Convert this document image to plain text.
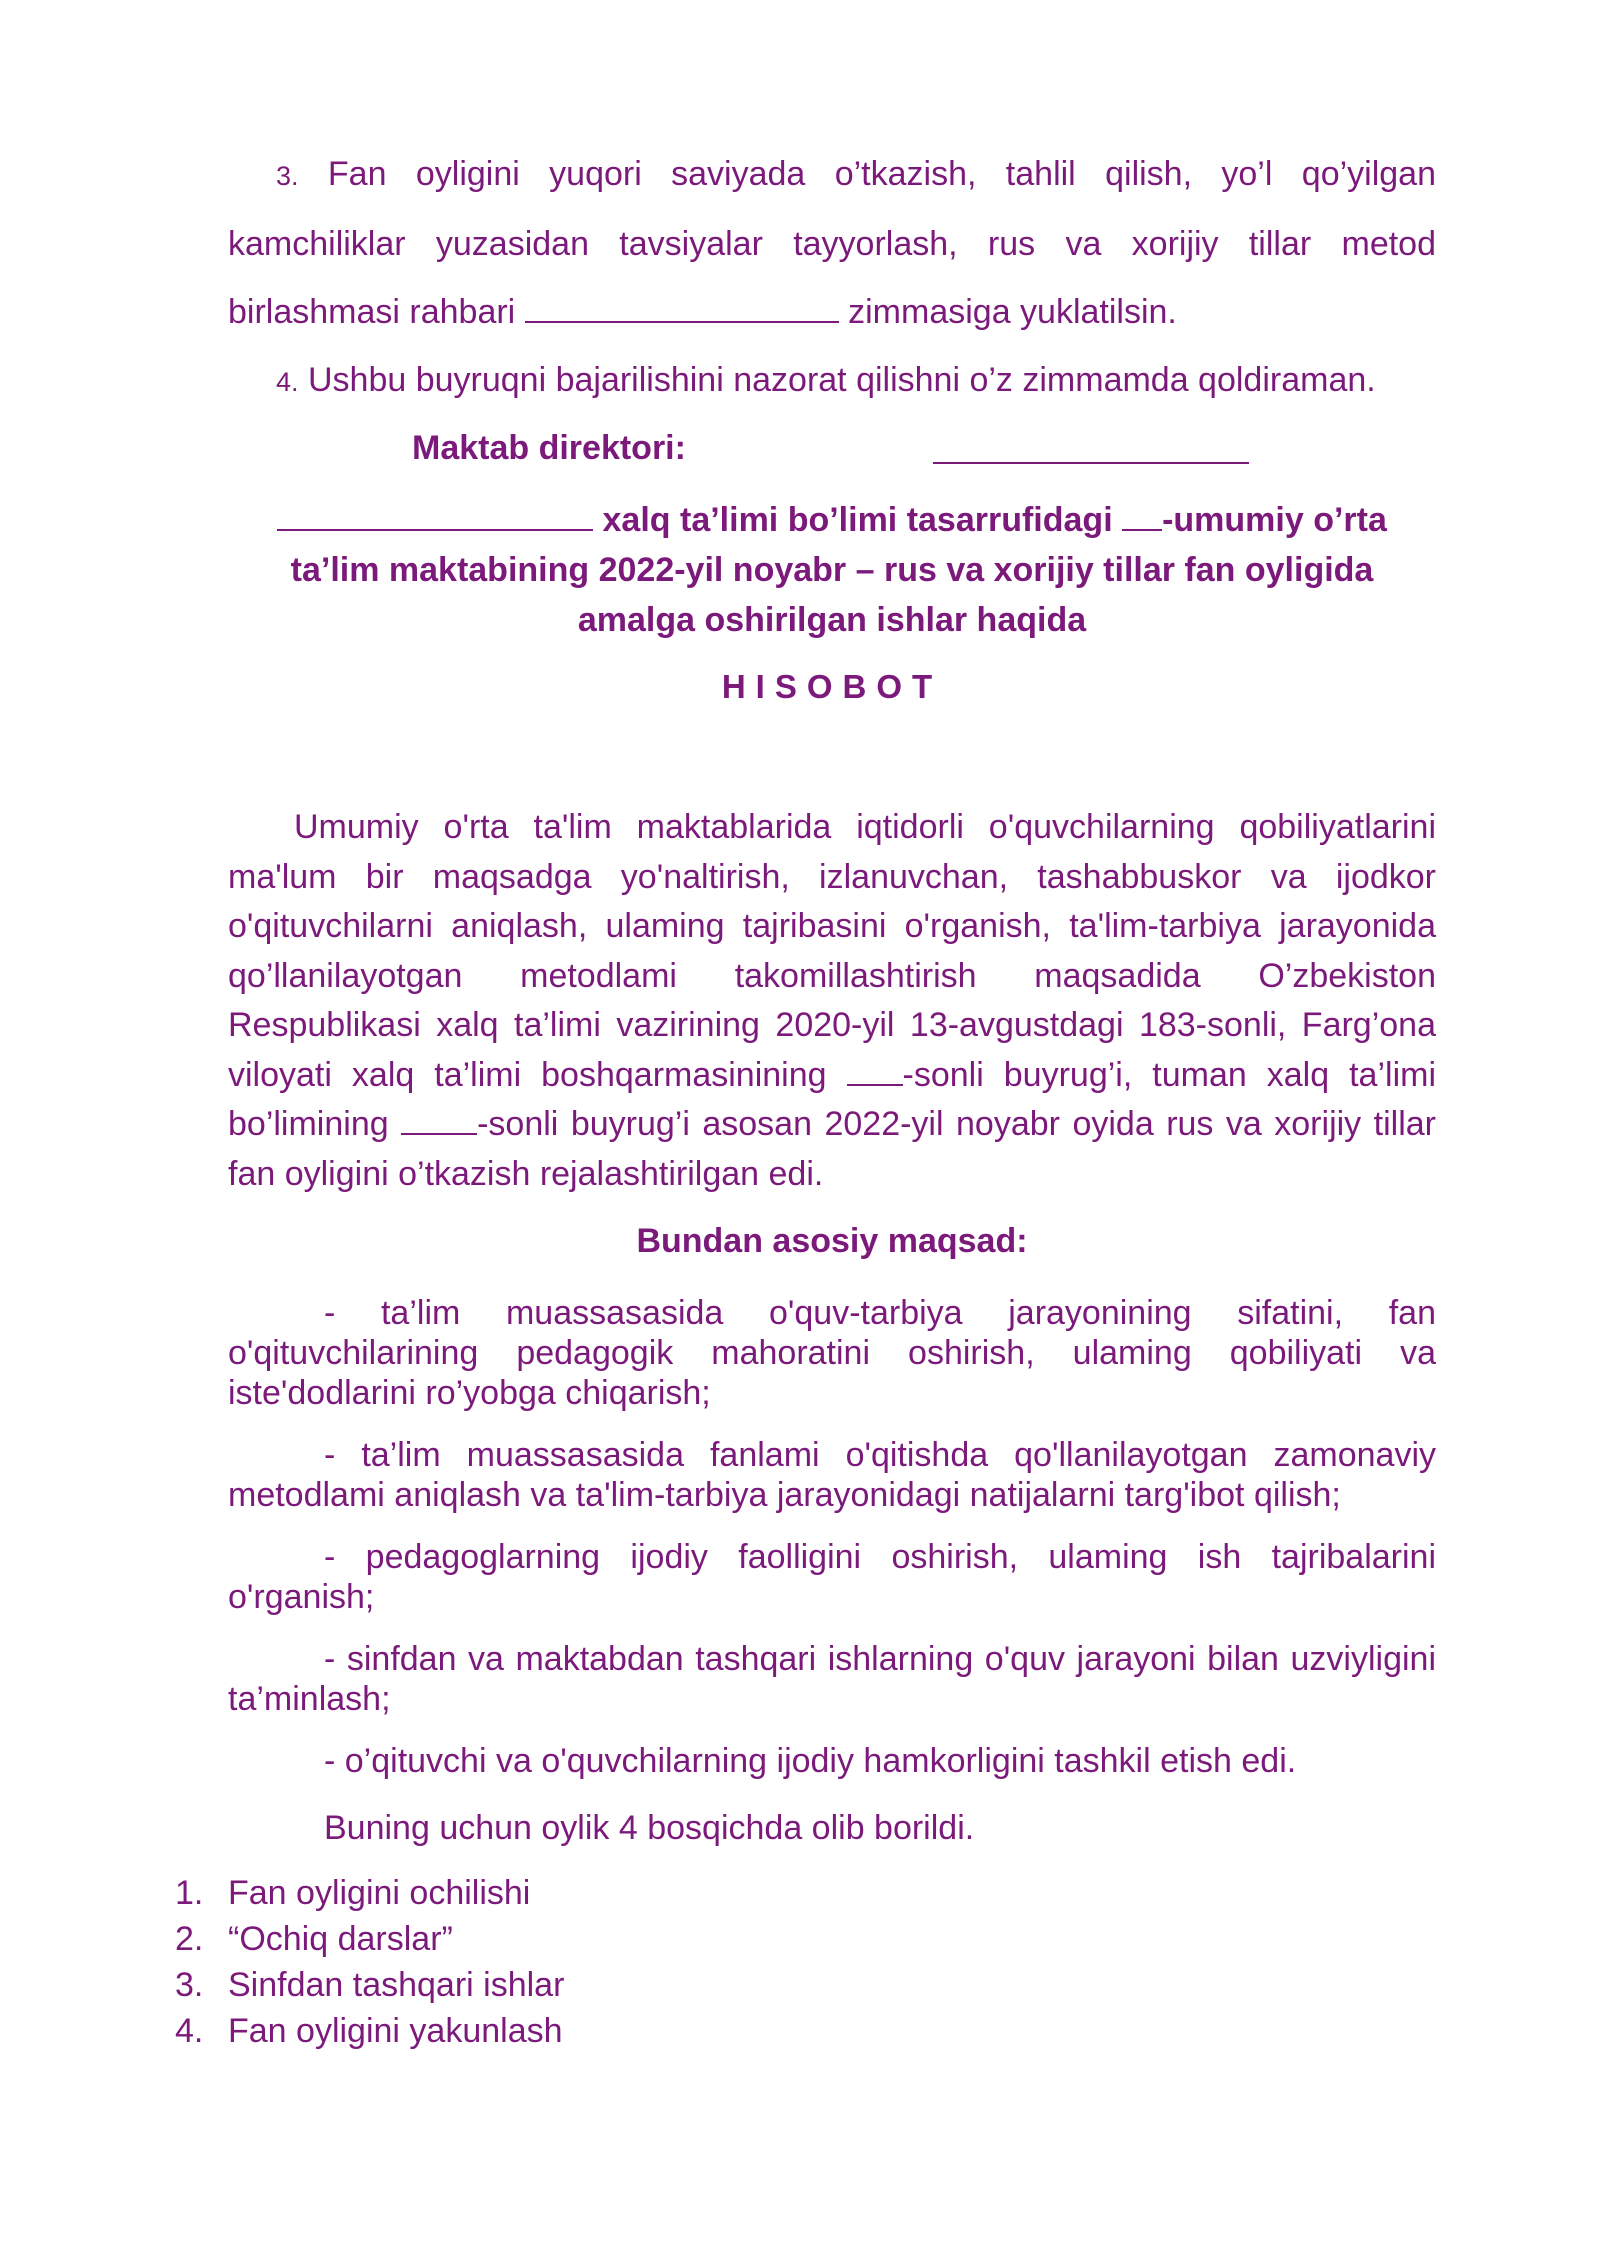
3. Fan oyligini yuqori saviyada o’tkazish, tahlil qilish, yo’l qo’yilgan kamchiliklar yuzasidan tavsiyalar tayyorlash, rus va xorijiy tillar metod birlashmasi rahbari	zimmasiga yuklatilsin.
4. Ushbu buyruqni bajarilishini nazorat qilishni o’z zimmamda qoldiraman.
Maktab direktori:
xalq ta’limi bo’limi tasarrufidagi -umumiy o’rta ta’lim maktabining 2022-yil noyabr – rus va xorijiy tillar fan oyligida amalga oshirilgan ishlar haqida
HISOBOT
Umumiy o'rta ta'lim maktablarida iqtidorli o'quvchilarning qobiliyatlarini ma'lum bir maqsadga yo'naltirish, izlanuvchan, tashabbuskor va ijodkor o'qituvchilarni aniqlash, ulaming tajribasini o'rganish, ta'lim-tarbiya jarayonida qo’llanilayotgan metodlami takomillashtirish maqsadida O’zbekiston Respublikasi xalq ta’limi vazirining 2020-yil 13-avgustdagi 183-sonli, Farg’ona viloyati xalq ta’limi boshqarmasinining -sonli buyrug’i, tuman xalq ta’limi bo’limining -sonli buyrug’i asosan 2022-yil noyabr oyida rus va xorijiy tillar fan oyligini o’tkazish rejalashtirilgan edi.
Bundan asosiy maqsad:
- ta’lim muassasasida o'quv-tarbiya jarayonining sifatini, fan o'qituvchilarining pedagogik mahoratini oshirish, ulaming qobiliyati va iste'dodlarini ro’yobga chiqarish;
- ta’lim muassasasida fanlami o'qitishda qo'llanilayotgan zamonaviy metodlami aniqlash va ta'lim-tarbiya jarayonidagi natijalarni targ'ibot qilish;
- pedagoglarning ijodiy faolligini oshirish, ulaming ish tajribalarini o'rganish;
- sinfdan va maktabdan tashqari ishlarning o'quv jarayoni bilan uzviyligini ta’minlash;
- o’qituvchi va o'quvchilarning ijodiy hamkorligini tashkil etish edi.
Buning uchun oylik 4 bosqichda olib borildi.
1. Fan oyligini ochilishi
2. “Ochiq darslar”
3. Sinfdan tashqari ishlar
4. Fan oyligini yakunlash
